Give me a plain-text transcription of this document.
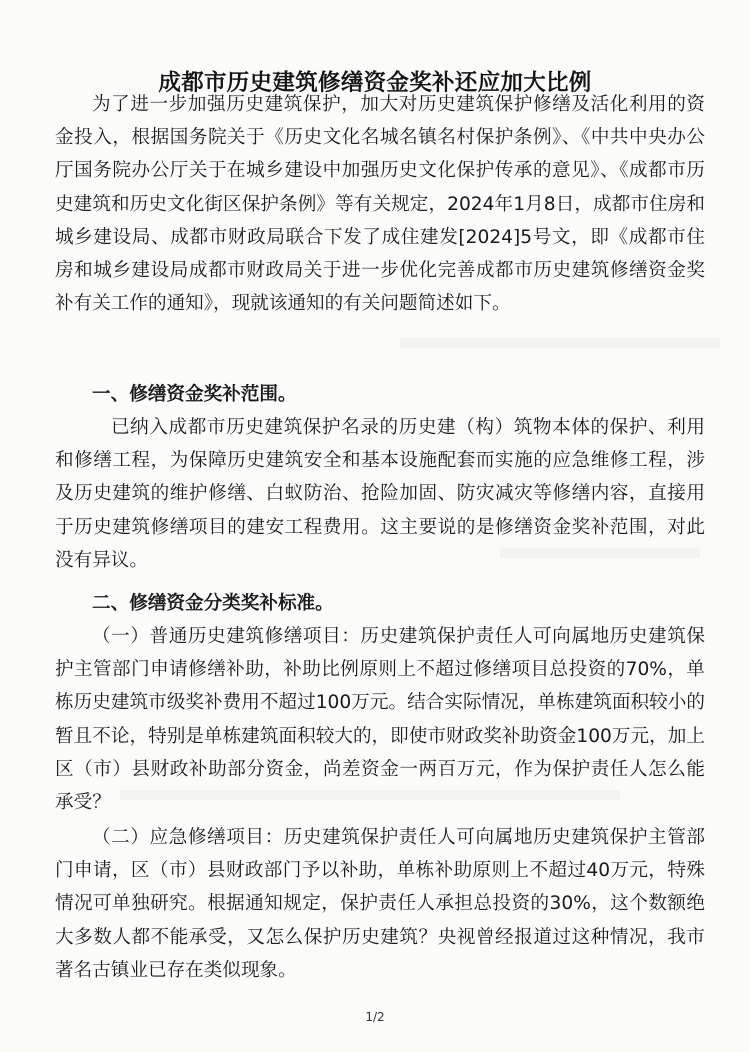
成都市历史建筑修缮资金奖补还应加大比例

为了进一步加强历史建筑保护，加大对历史建筑保护修缮及活化利用的资金投入，根据国务院关于《历史文化名城名镇名村保护条例》、《中共中央办公厅国务院办公厅关于在城乡建设中加强历史文化保护传承的意见》、《成都市历史建筑和历史文化街区保护条例》等有关规定，2024年1月8日，成都市住房和城乡建设局、成都市财政局联合下发了成住建发[2024]5号文，即《成都市住房和城乡建设局成都市财政局关于进一步优化完善成都市历史建筑修缮资金奖补有关工作的通知》，现就该通知的有关问题简述如下。

一、修缮资金奖补范围。

已纳入成都市历史建筑保护名录的历史建（构）筑物本体的保护、利用和修缮工程，为保障历史建筑安全和基本设施配套而实施的应急维修工程，涉及历史建筑的维护修缮、白蚁防治、抢险加固、防灾减灾等修缮内容，直接用于历史建筑修缮项目的建安工程费用。这主要说的是修缮资金奖补范围，对此没有异议。

二、修缮资金分类奖补标准。

（一）普通历史建筑修缮项目：历史建筑保护责任人可向属地历史建筑保护主管部门申请修缮补助，补助比例原则上不超过修缮项目总投资的70%，单栋历史建筑市级奖补费用不超过100万元。结合实际情况，单栋建筑面积较小的暂且不论，特别是单栋建筑面积较大的，即使市财政奖补助资金100万元，加上区（市）县财政补助部分资金，尚差资金一两百万元，作为保护责任人怎么能承受？

（二）应急修缮项目：历史建筑保护责任人可向属地历史建筑保护主管部门申请，区（市）县财政部门予以补助，单栋补助原则上不超过40万元，特殊情况可单独研究。根据通知规定，保护责任人承担总投资的30%，这个数额绝大多数人都不能承受，又怎么保护历史建筑？央视曾经报道过这种情况，我市著名古镇业已存在类似现象。

1/2
